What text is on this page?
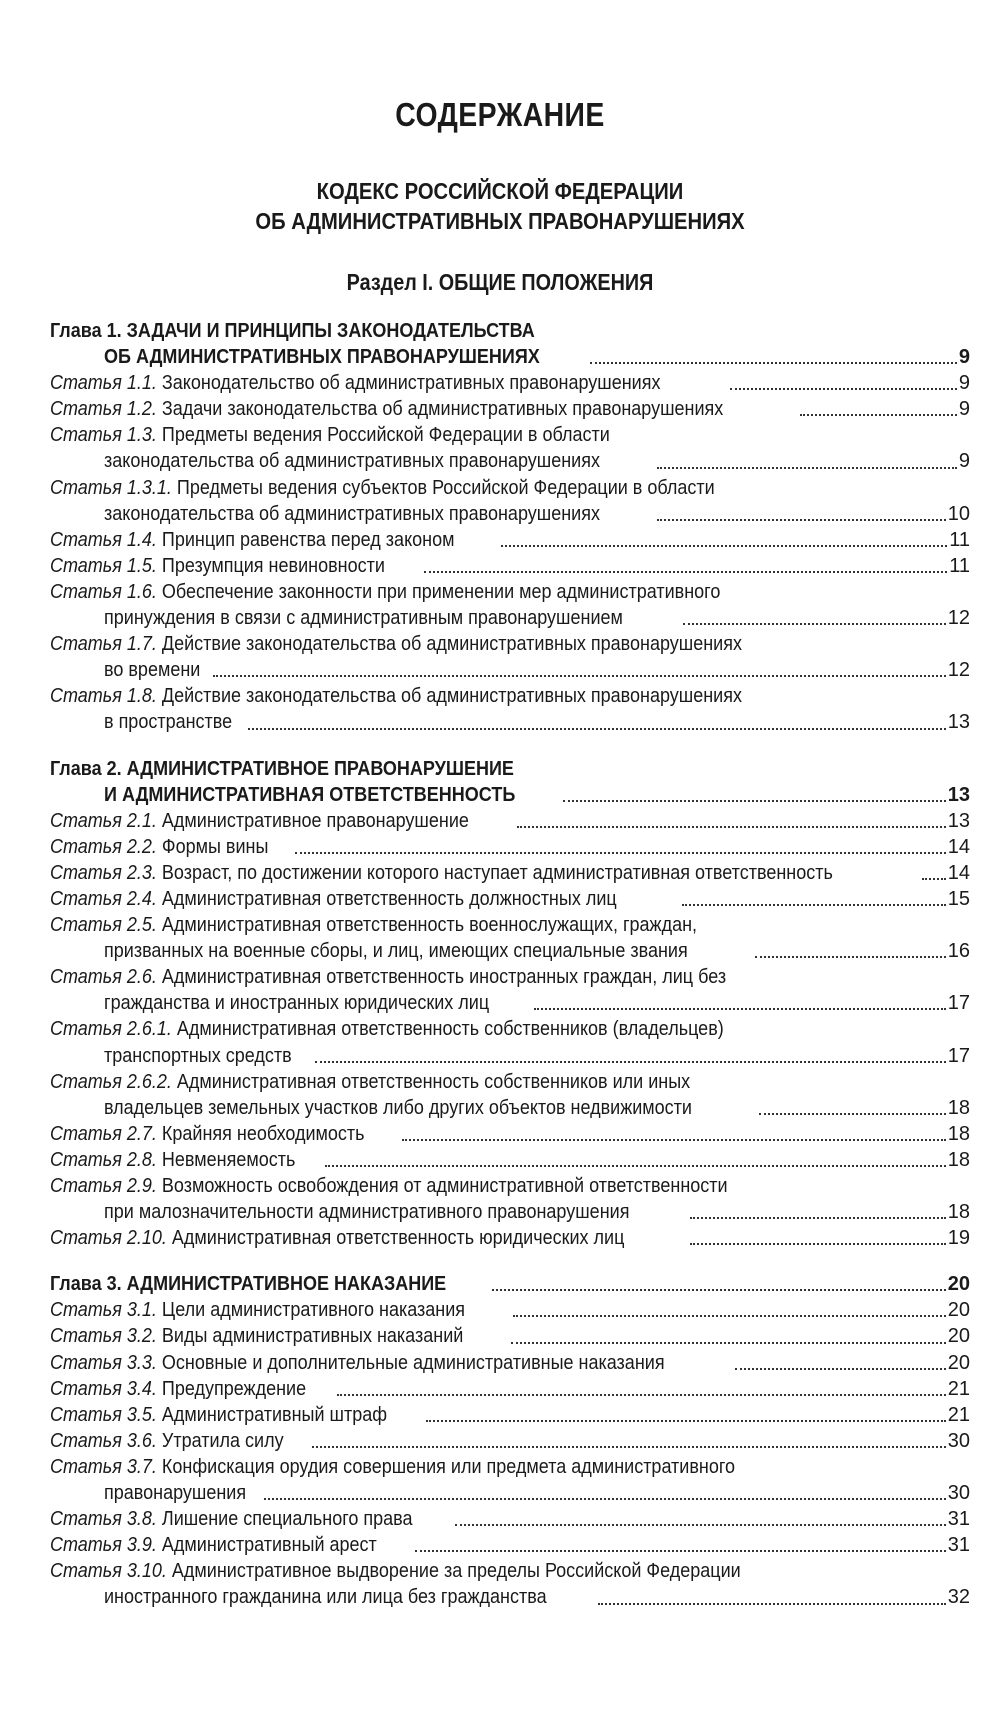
СОДЕРЖАНИЕ
КОДЕКС РОССИЙСКОЙ ФЕДЕРАЦИИ
ОБ АДМИНИСТРАТИВНЫХ ПРАВОНАРУШЕНИЯХ
Раздел I. ОБЩИЕ ПОЛОЖЕНИЯ
Глава 1. ЗАДАЧИ И ПРИНЦИПЫ ЗАКОНОДАТЕЛЬСТВА
ОБ АДМИНИСТРАТИВНЫХ ПРАВОНАРУШЕНИЯХ	9
Статья 1.1. Законодательство об административных правонарушениях	9
Статья 1.2. Задачи законодательства об административных правонарушениях	9
Статья 1.3. Предметы ведения Российской Федерации в области
законодательства об административных правонарушениях	9
Статья 1.3.1. Предметы ведения субъектов Российской Федерации в области
законодательства об административных правонарушениях	10
Статья 1.4. Принцип равенства перед законом	11
Статья 1.5. Презумпция невиновности	11
Статья 1.6. Обеспечение законности при применении мер административного
принуждения в связи с административным правонарушением	12
Статья 1.7. Действие законодательства об административных правонарушениях
во времени	12
Статья 1.8. Действие законодательства об административных правонарушениях
в пространстве	13
Глава 2. АДМИНИСТРАТИВНОЕ ПРАВОНАРУШЕНИЕ
И АДМИНИСТРАТИВНАЯ ОТВЕТСТВЕННОСТЬ	13
Статья 2.1. Административное правонарушение	13
Статья 2.2. Формы вины	14
Статья 2.3. Возраст, по достижении которого наступает административная ответственность	14
Статья 2.4. Административная ответственность должностных лиц	15
Статья 2.5. Административная ответственность военнослужащих, граждан,
призванных на военные сборы, и лиц, имеющих специальные звания	16
Статья 2.6. Административная ответственность иностранных граждан, лиц без
гражданства и иностранных юридических лиц	17
Статья 2.6.1. Административная ответственность собственников (владельцев)
транспортных средств	17
Статья 2.6.2. Административная ответственность собственников или иных
владельцев земельных участков либо других объектов недвижимости	18
Статья 2.7. Крайняя необходимость	18
Статья 2.8. Невменяемость	18
Статья 2.9. Возможность освобождения от административной ответственности
при малозначительности административного правонарушения	18
Статья 2.10. Административная ответственность юридических лиц	19
Глава 3. АДМИНИСТРАТИВНОЕ НАКАЗАНИЕ	20
Статья 3.1. Цели административного наказания	20
Статья 3.2. Виды административных наказаний	20
Статья 3.3. Основные и дополнительные административные наказания	20
Статья 3.4. Предупреждение	21
Статья 3.5. Административный штраф	21
Статья 3.6. Утратила силу	30
Статья 3.7. Конфискация орудия совершения или предмета административного
правонарушения	30
Статья 3.8. Лишение специального права	31
Статья 3.9. Административный арест	31
Статья 3.10. Административное выдворение за пределы Российской Федерации
иностранного гражданина или лица без гражданства	32
